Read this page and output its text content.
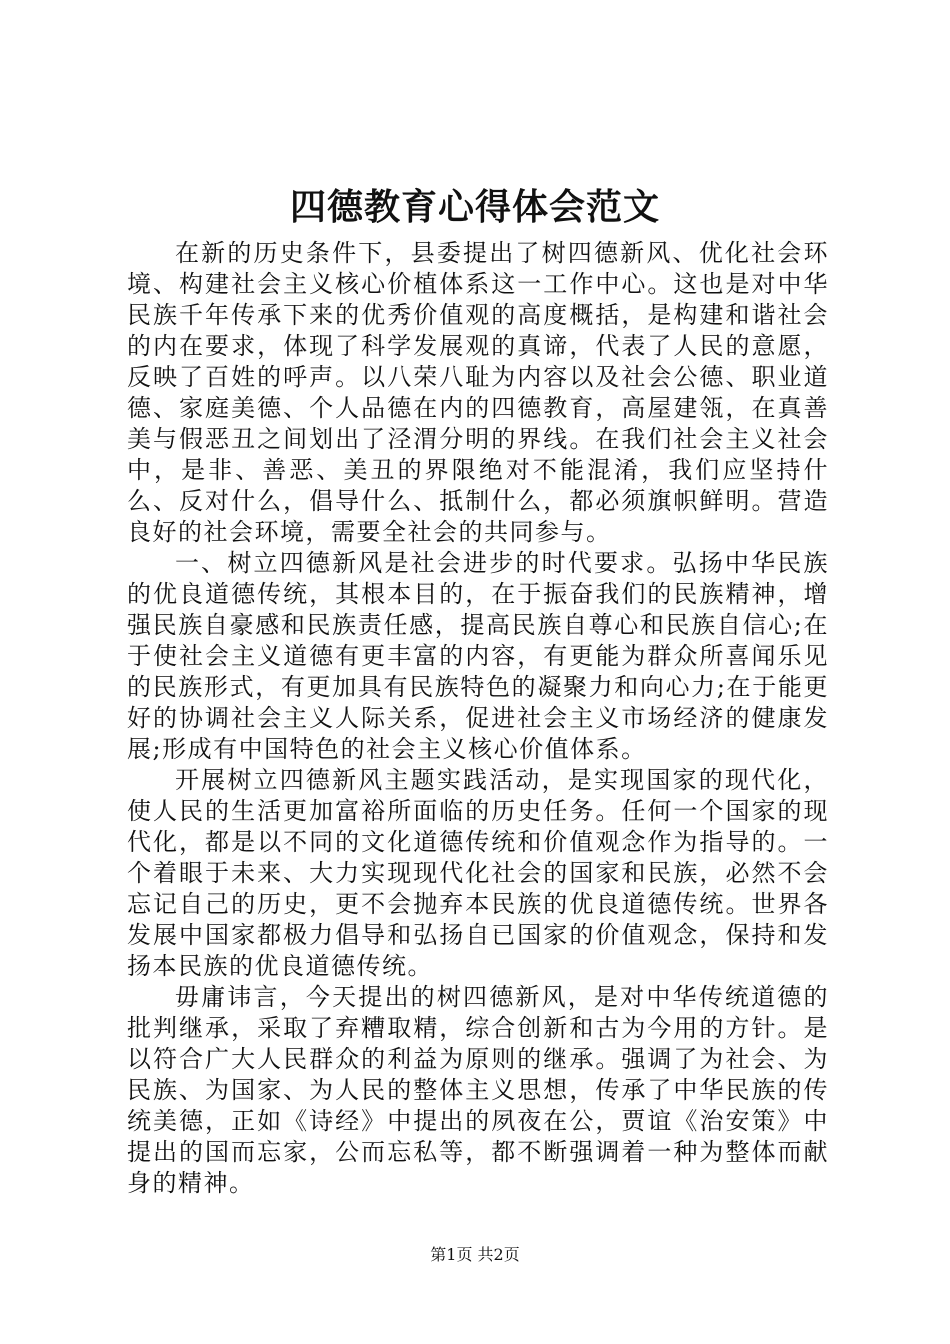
四德教育心得体会范文

在新的历史条件下，县委提出了树四德新风、优化社会环境、构建社会主义核心价植体系这一工作中心。这也是对中华民族千年传承下来的优秀价值观的高度概括，是构建和谐社会的内在要求，体现了科学发展观的真谛，代表了人民的意愿，反映了百姓的呼声。以八荣八耻为内容以及社会公德、职业道德、家庭美德、个人品德在内的四德教育，高屋建瓴，在真善美与假恶丑之间划出了泾渭分明的界线。在我们社会主义社会中，是非、善恶、美丑的界限绝对不能混淆，我们应坚持什么、反对什么，倡导什么、抵制什么，都必须旗帜鲜明。营造良好的社会环境，需要全社会的共同参与。

一、树立四德新风是社会进步的时代要求。弘扬中华民族的优良道德传统，其根本目的，在于振奋我们的民族精神，增强民族自豪感和民族责任感，提高民族自尊心和民族自信心;在于使社会主义道德有更丰富的内容，有更能为群众所喜闻乐见的民族形式，有更加具有民族特色的凝聚力和向心力;在于能更好的协调社会主义人际关系，促进社会主义市场经济的健康发展;形成有中国特色的社会主义核心价值体系。

开展树立四德新风主题实践活动，是实现国家的现代化，使人民的生活更加富裕所面临的历史任务。任何一个国家的现代化，都是以不同的文化道德传统和价值观念作为指导的。一个着眼于未来、大力实现现代化社会的国家和民族，必然不会忘记自己的历史，更不会抛弃本民族的优良道德传统。世界各发展中国家都极力倡导和弘扬自已国家的价值观念，保持和发扬本民族的优良道德传统。

毋庸讳言，今天提出的树四德新风，是对中华传统道德的批判继承，采取了弃糟取精，综合创新和古为今用的方针。是以符合广大人民群众的利益为原则的继承。强调了为社会、为民族、为国家、为人民的整体主义思想，传承了中华民族的传统美德，正如《诗经》中提出的夙夜在公，贾谊《治安策》中提出的国而忘家，公而忘私等，都不断强调着一种为整体而献身的精神。

第1页 共2页
